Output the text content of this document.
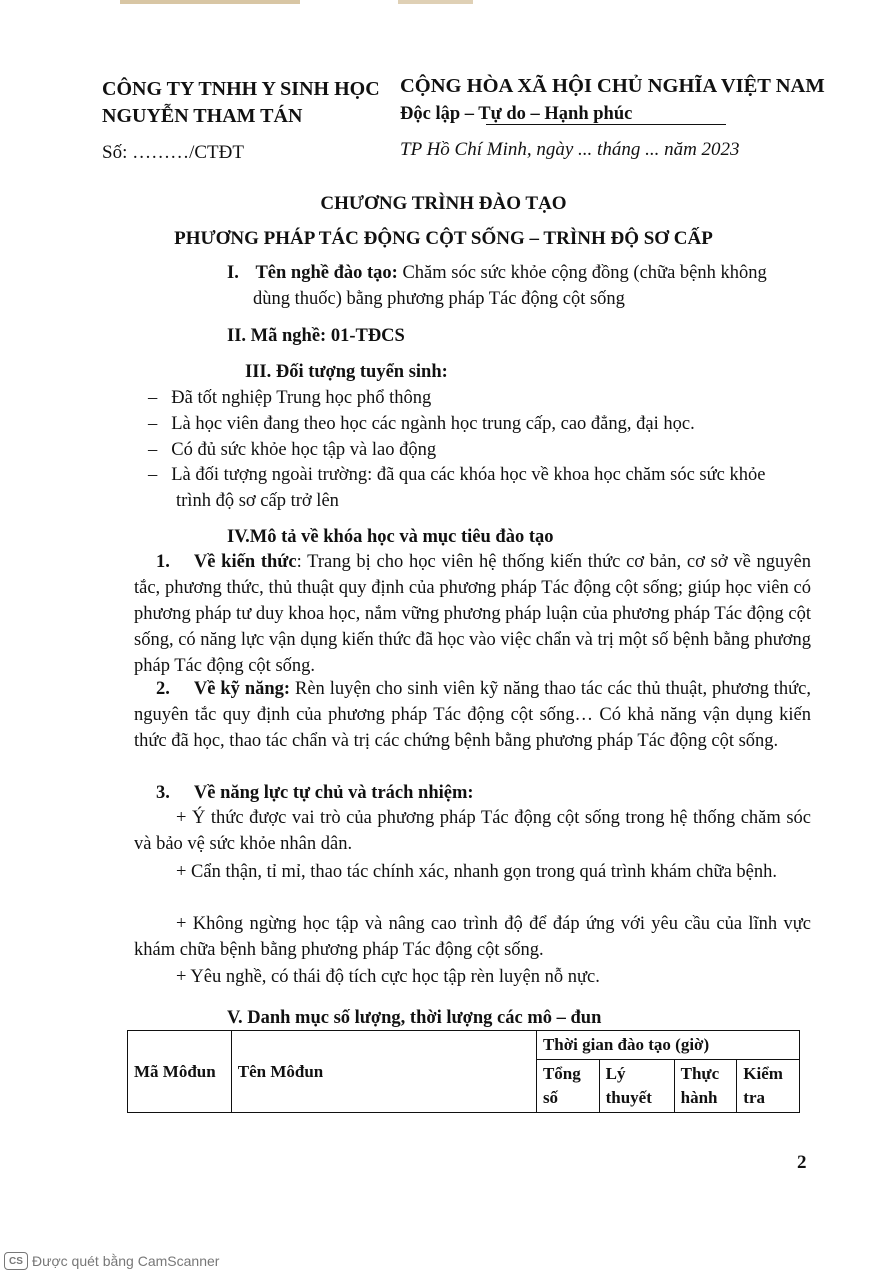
CÔNG TY TNHH Y SINH HỌC
NGUYỄN THAM TÁN
Số: ………/CTĐT
CỘNG HÒA XÃ HỘI CHỦ NGHĨA VIỆT NAM
Độc lập – Tự do – Hạnh phúc
TP Hồ Chí Minh, ngày ... tháng ... năm 2023
CHƯƠNG TRÌNH ĐÀO TẠO
PHƯƠNG PHÁP TÁC ĐỘNG CỘT SỐNG – TRÌNH ĐỘ SƠ CẤP
I. Tên nghề đào tạo: Chăm sóc sức khỏe cộng đồng (chữa bệnh không
dùng thuốc) bằng phương pháp Tác động cột sống
II. Mã nghề: 01-TĐCS
III. Đối tượng tuyển sinh:
– Đã tốt nghiệp Trung học phổ thông
– Là học viên đang theo học các ngành học trung cấp, cao đẳng, đại học.
– Có đủ sức khỏe học tập và lao động
– Là đối tượng ngoài trường: đã qua các khóa học về khoa học chăm sóc sức khỏe
trình độ sơ cấp trở lên
IV.Mô tả về khóa học và mục tiêu đào tạo
1. Về kiến thức: Trang bị cho học viên hệ thống kiến thức cơ bản, cơ sở về nguyên tắc, phương thức, thủ thuật quy định của phương pháp Tác động cột sống; giúp học viên có phương pháp tư duy khoa học, nắm vững phương pháp luận của phương pháp Tác động cột sống, có năng lực vận dụng kiến thức đã học vào việc chẩn và trị một số bệnh bằng phương pháp Tác động cột sống.
2. Về kỹ năng: Rèn luyện cho sinh viên kỹ năng thao tác các thủ thuật, phương thức, nguyên tắc quy định của phương pháp Tác động cột sống… Có khả năng vận dụng kiến thức đã học, thao tác chẩn và trị các chứng bệnh bằng phương pháp Tác động cột sống.
3. Về năng lực tự chủ và trách nhiệm:
+ Ý thức được vai trò của phương pháp Tác động cột sống trong hệ thống chăm sóc và bảo vệ sức khỏe nhân dân.
+ Cẩn thận, tỉ mỉ, thao tác chính xác, nhanh gọn trong quá trình khám chữa bệnh.
+ Không ngừng học tập và nâng cao trình độ để đáp ứng với yêu cầu của lĩnh vực khám chữa bệnh bằng phương pháp Tác động cột sống.
+ Yêu nghề, có thái độ tích cực học tập rèn luyện nỗ nực.
V. Danh mục số lượng, thời lượng các mô – đun
Mã Môđun	Tên Môđun	Thời gian đào tạo (giờ)			
		Tổng số	Lý thuyết	Thực hành	Kiểm tra
2
CS Được quét bằng CamScanner
